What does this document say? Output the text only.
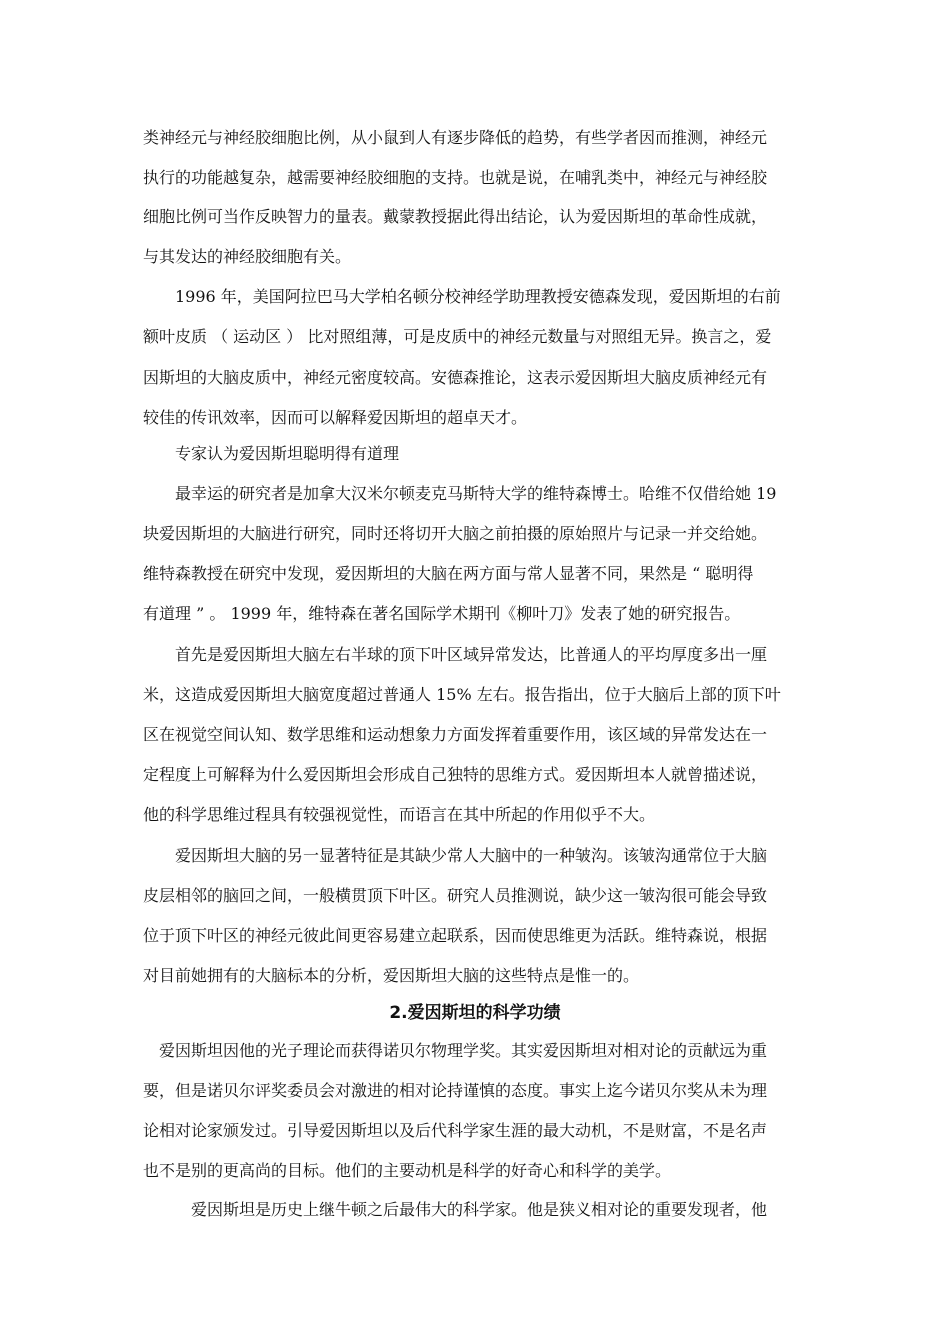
类神经元与神经胶细胞比例，从小鼠到人有逐步降低的趋势，有些学者因而推测，神经元
执行的功能越复杂，越需要神经胶细胞的支持。也就是说，在哺乳类中，神经元与神经胶
细胞比例可当作反映智力的量表。戴蒙教授据此得出结论，认为爱因斯坦的革命性成就，
与其发达的神经胶细胞有关。
　　1996 年，美国阿拉巴马大学柏名顿分校神经学助理教授安德森发现，爱因斯坦的右前
额叶皮质 （ 运动区 ） 比对照组薄，可是皮质中的神经元数量与对照组无异。换言之，爱
因斯坦的大脑皮质中，神经元密度较高。安德森推论，这表示爱因斯坦大脑皮质神经元有
较佳的传讯效率，因而可以解释爱因斯坦的超卓天才。
　　专家认为爱因斯坦聪明得有道理
　　最幸运的研究者是加拿大汉米尔顿麦克马斯特大学的维特森博士。哈维不仅借给她 19
块爱因斯坦的大脑进行研究，同时还将切开大脑之前拍摄的原始照片与记录一并交给她。
维特森教授在研究中发现，爱因斯坦的大脑在两方面与常人显著不同，果然是 “ 聪明得
有道理 ” 。 1999 年，维特森在著名国际学术期刊《柳叶刀》发表了她的研究报告。
　　首先是爱因斯坦大脑左右半球的顶下叶区域异常发达，比普通人的平均厚度多出一厘
米，这造成爱因斯坦大脑宽度超过普通人 15% 左右。报告指出，位于大脑后上部的顶下叶
区在视觉空间认知、数学思维和运动想象力方面发挥着重要作用，该区域的异常发达在一
定程度上可解释为什么爱因斯坦会形成自己独特的思维方式。爱因斯坦本人就曾描述说，
他的科学思维过程具有较强视觉性，而语言在其中所起的作用似乎不大。
　　爱因斯坦大脑的另一显著特征是其缺少常人大脑中的一种皱沟。该皱沟通常位于大脑
皮层相邻的脑回之间，一般横贯顶下叶区。研究人员推测说，缺少这一皱沟很可能会导致
位于顶下叶区的神经元彼此间更容易建立起联系，因而使思维更为活跃。维特森说，根据
对目前她拥有的大脑标本的分析，爱因斯坦大脑的这些特点是惟一的。
2.爱因斯坦的科学功绩
　爱因斯坦因他的光子理论而获得诺贝尔物理学奖。其实爱因斯坦对相对论的贡献远为重
要，但是诺贝尔评奖委员会对激进的相对论持谨慎的态度。事实上迄今诺贝尔奖从未为理
论相对论家颁发过。引导爱因斯坦以及后代科学家生涯的最大动机，不是财富，不是名声
也不是别的更高尚的目标。他们的主要动机是科学的好奇心和科学的美学。
　　　爱因斯坦是历史上继牛顿之后最伟大的科学家。他是狭义相对论的重要发现者，他
